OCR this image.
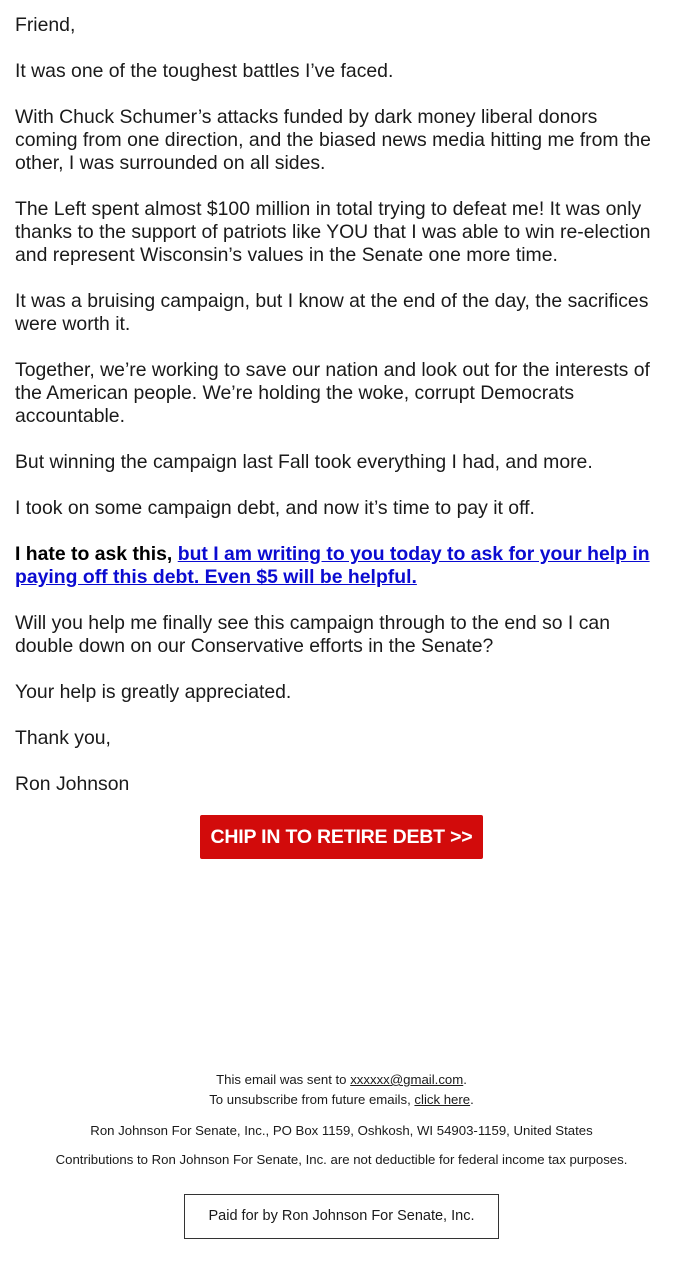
Friend,

It was one of the toughest battles I’ve faced.

With Chuck Schumer’s attacks funded by dark money liberal donors coming from one direction, and the biased news media hitting me from the other, I was surrounded on all sides.

The Left spent almost $100 million in total trying to defeat me! It was only thanks to the support of patriots like YOU that I was able to win re-election and represent Wisconsin’s values in the Senate one more time.

It was a bruising campaign, but I know at the end of the day, the sacrifices were worth it.

Together, we’re working to save our nation and look out for the interests of the American people. We’re holding the woke, corrupt Democrats accountable.

But winning the campaign last Fall took everything I had, and more.

I took on some campaign debt, and now it’s time to pay it off.

I hate to ask this, but I am writing to you today to ask for your help in paying off this debt. Even $5 will be helpful.

Will you help me finally see this campaign through to the end so I can double down on our Conservative efforts in the Senate?

Your help is greatly appreciated.

Thank you,

Ron Johnson

CHIP IN TO RETIRE DEBT >>
This email was sent to xxxxxx@gmail.com.
To unsubscribe from future emails, click here.
Ron Johnson For Senate, Inc., PO Box 1159, Oshkosh, WI 54903-1159, United States
Contributions to Ron Johnson For Senate, Inc. are not deductible for federal income tax purposes.
Paid for by Ron Johnson For Senate, Inc.
